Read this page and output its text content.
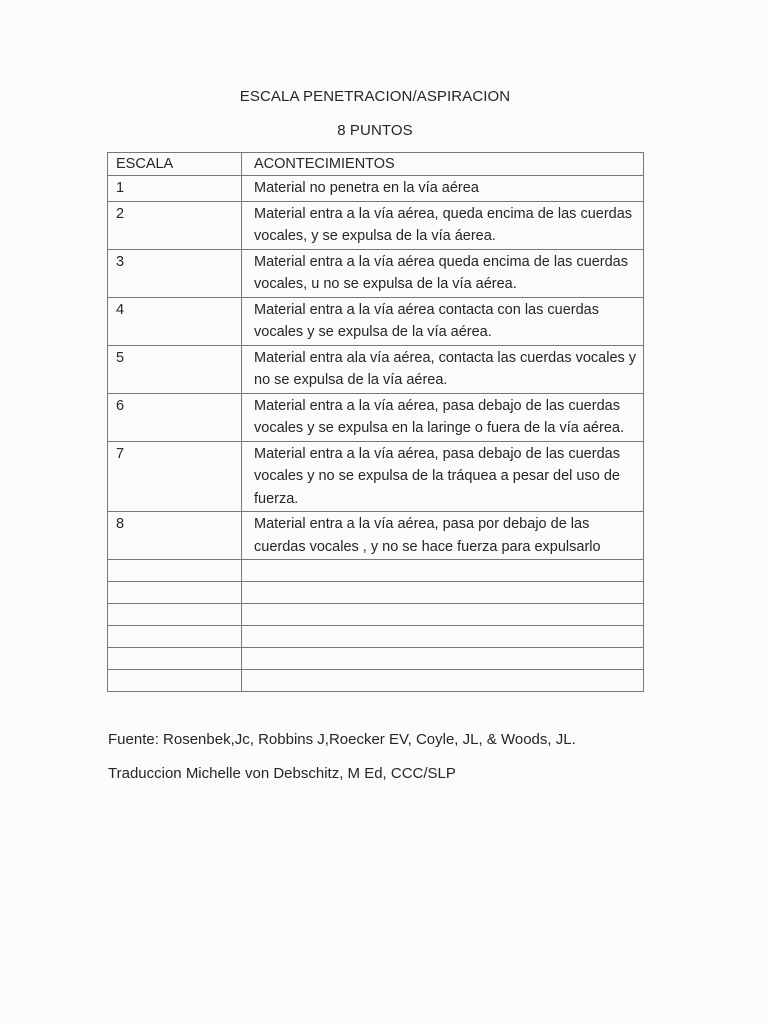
ESCALA PENETRACION/ASPIRACION
8 PUNTOS
ESCALA	ACONTECIMIENTOS
1	Material no penetra en la vía aérea
2	Material entra a la vía aérea, queda encima de las cuerdas vocales, y se expulsa de la vía áerea.
3	Material entra a la vía aérea queda encima de las cuerdas vocales, u no se expulsa de la vía aérea.
4	Material entra a la vía aérea contacta con las cuerdas vocales y se expulsa de la vía aérea.
5	Material entra ala vía aérea, contacta las cuerdas vocales y no se expulsa de la vía aérea.
6	Material entra a la vía aérea, pasa debajo de las cuerdas vocales y se expulsa en la laringe o fuera de la vía aérea.
7	Material entra a la vía aérea, pasa debajo de las cuerdas vocales y no se expulsa de la tráquea a pesar del uso de fuerza.
8	Material entra a la vía aérea, pasa por debajo de las cuerdas vocales , y no se hace fuerza para expulsarlo

Fuente: Rosenbek,Jc, Robbins J,Roecker EV, Coyle, JL, & Woods, JL.
Traduccion Michelle von Debschitz, M Ed, CCC/SLP
